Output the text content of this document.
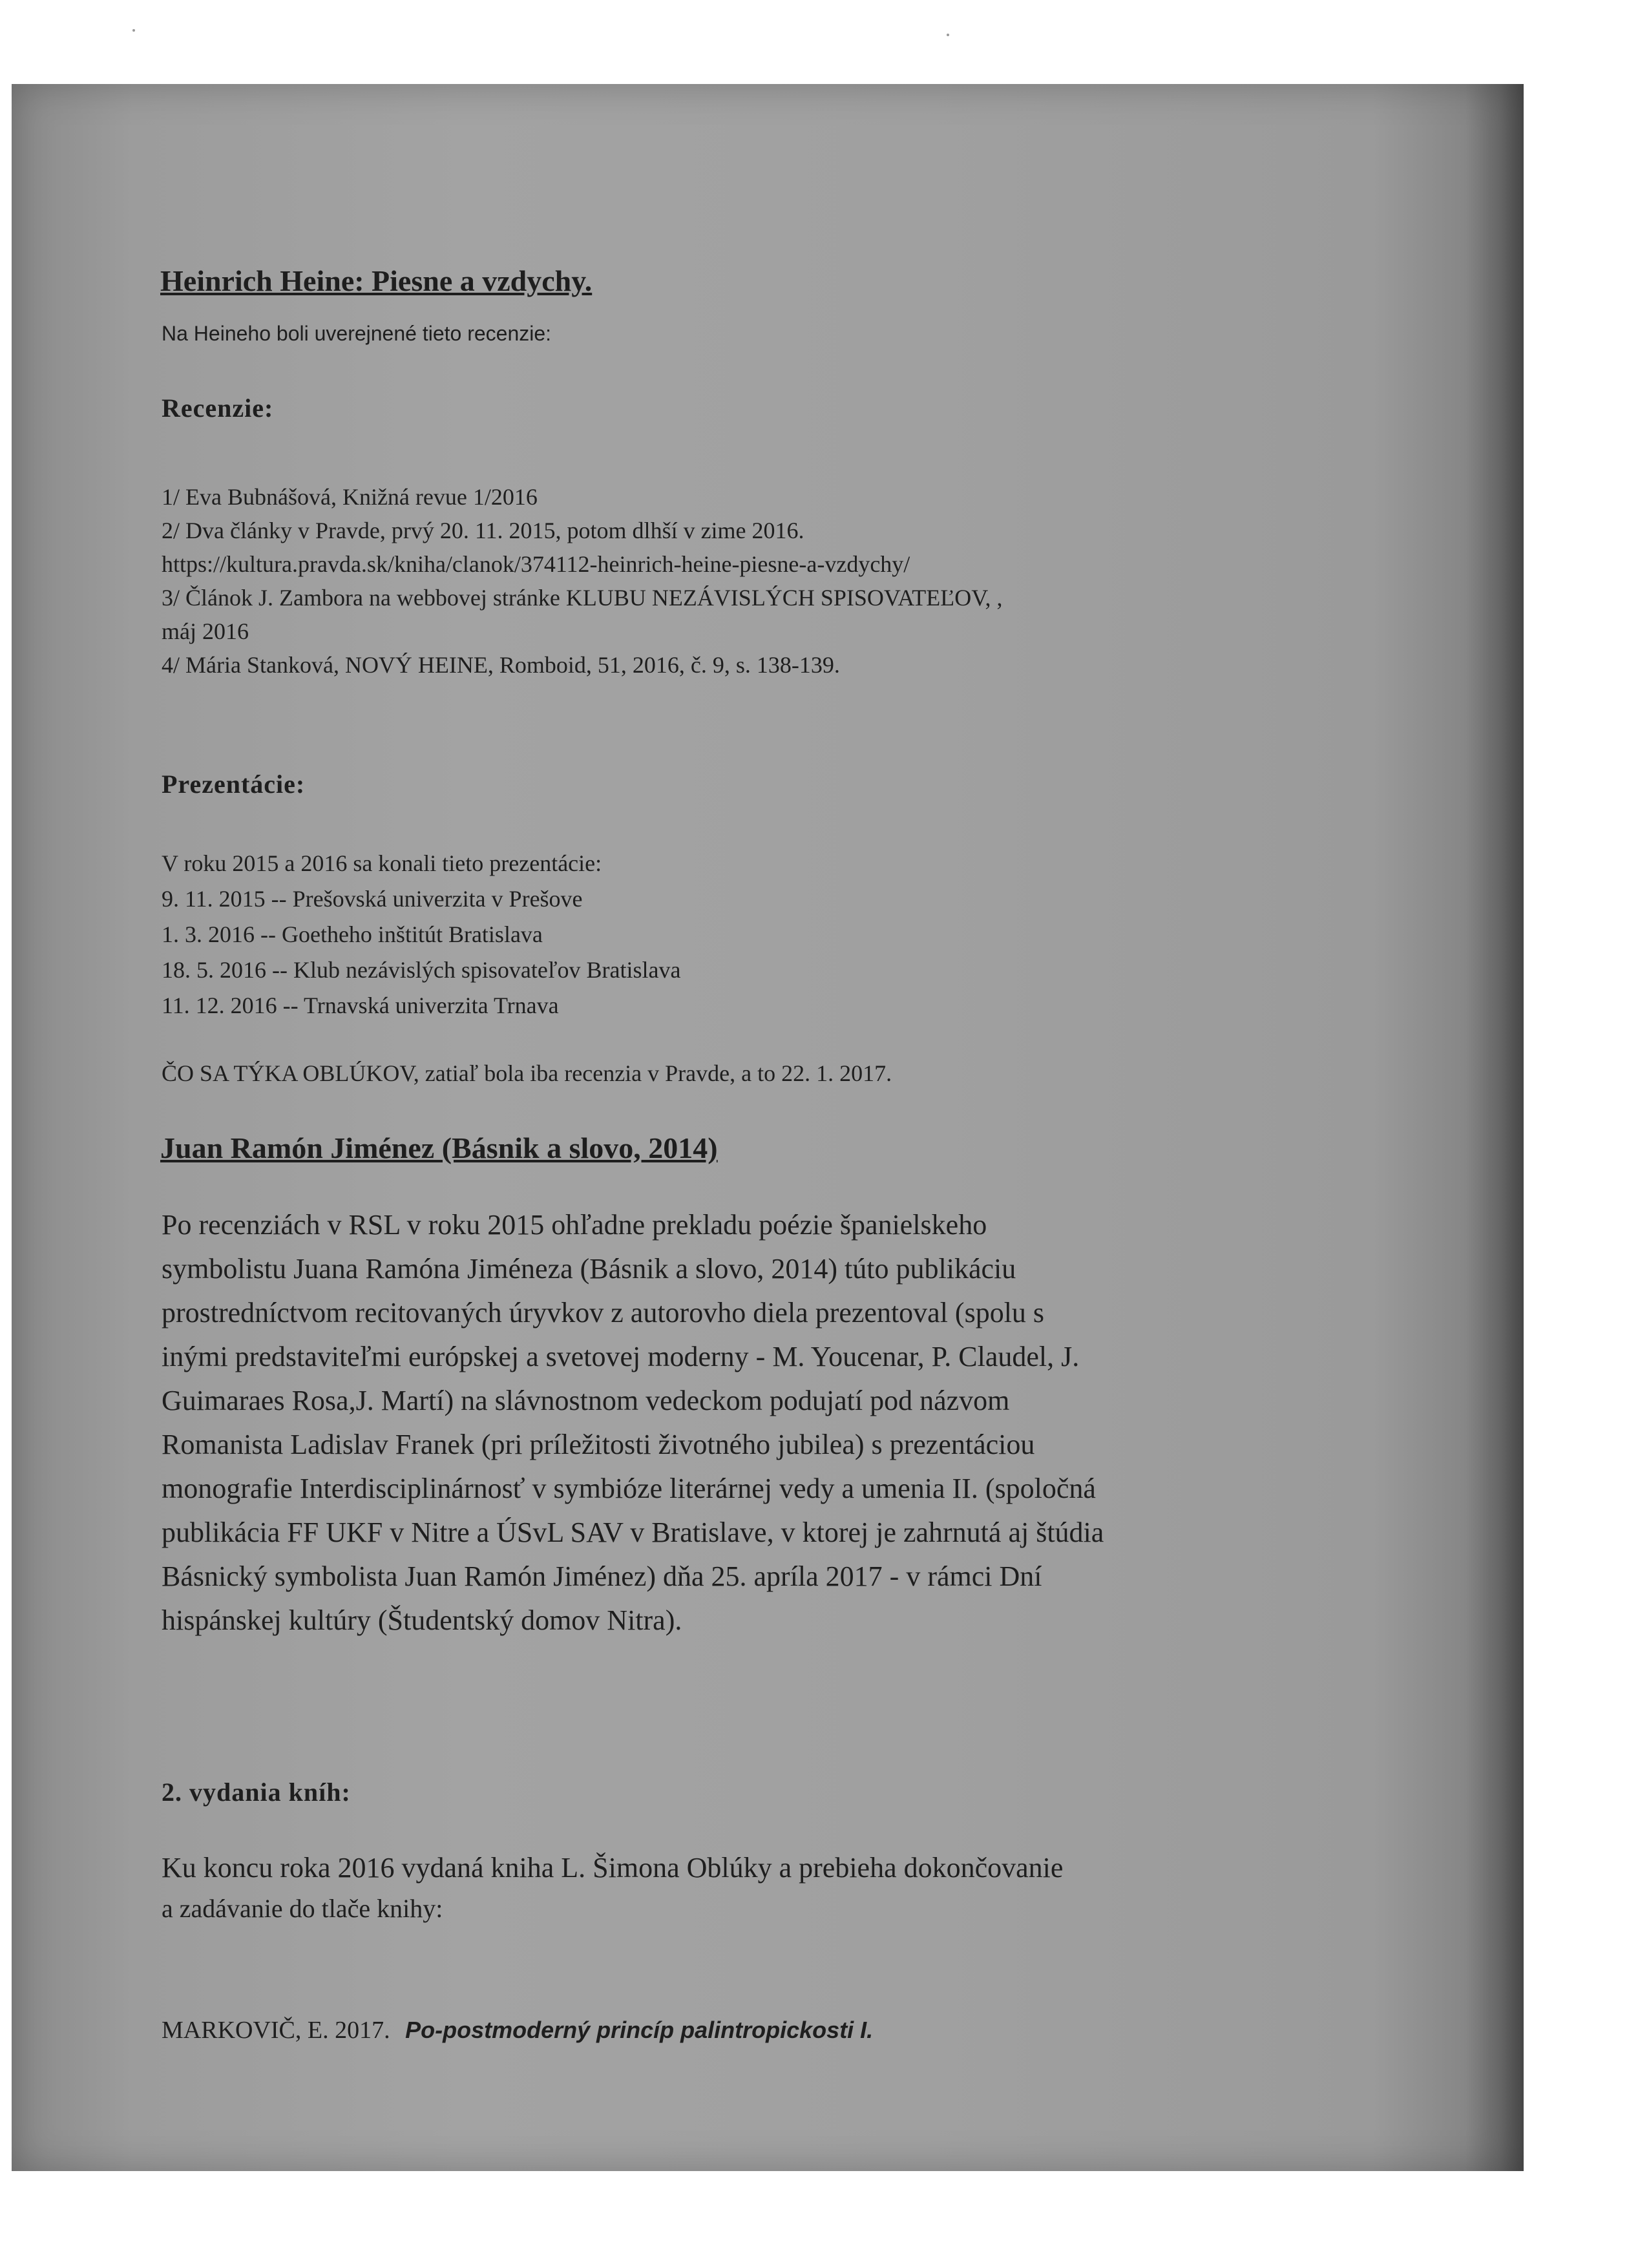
Heinrich Heine: Piesne a vzdychy.
Na Heineho boli uverejnené tieto recenzie:
Recenzie:
1/ Eva Bubnášová, Knižná revue 1/2016
2/ Dva články v Pravde, prvý 20. 11. 2015, potom dlhší v zime 2016.
https://kultura.pravda.sk/kniha/clanok/374112-heinrich-heine-piesne-a-vzdychy/
3/ Článok J. Zambora na webbovej stránke KLUBU NEZÁVISLÝCH SPISOVATEĽOV, ,
máj 2016
4/ Mária Stanková, NOVÝ HEINE, Romboid, 51, 2016, č. 9, s. 138-139.
Prezentácie:
V roku 2015 a 2016 sa konali tieto prezentácie:
9. 11. 2015 -- Prešovská univerzita v Prešove
1. 3. 2016 -- Goetheho inštitút Bratislava
18. 5. 2016 -- Klub nezávislých spisovateľov Bratislava
11. 12. 2016 -- Trnavská univerzita Trnava
ČO SA TÝKA OBLÚKOV, zatiaľ bola iba recenzia v Pravde, a to 22. 1. 2017.
Juan Ramón Jiménez (Básnik a slovo, 2014)
Po recenziách v RSL v roku 2015 ohľadne prekladu poézie španielskeho
symbolistu Juana Ramóna Jiméneza (Básnik a slovo, 2014) túto publikáciu
prostredníctvom recitovaných úryvkov z autorovho diela prezentoval (spolu s
inými predstaviteľmi európskej a svetovej moderny - M. Youcenar, P. Claudel, J.
Guimaraes Rosa,J. Martí) na slávnostnom vedeckom podujatí pod názvom
Romanista Ladislav Franek (pri príležitosti životného jubilea) s prezentáciou
monografie Interdisciplinárnosť v symbióze literárnej vedy a umenia II. (spoločná
publikácia FF UKF v Nitre a ÚSvL SAV v Bratislave, v ktorej je zahrnutá aj štúdia
Básnický symbolista Juan Ramón Jiménez) dňa 25. apríla 2017 - v rámci Dní
hispánskej kultúry (Študentský domov Nitra).
2. vydania kníh:
Ku koncu roka 2016 vydaná kniha L. Šimona Oblúky a prebieha dokončovanie
a zadávanie do tlače knihy:
MARKOVIČ, E. 2017. Po-postmoderný princíp palintropickosti I.
